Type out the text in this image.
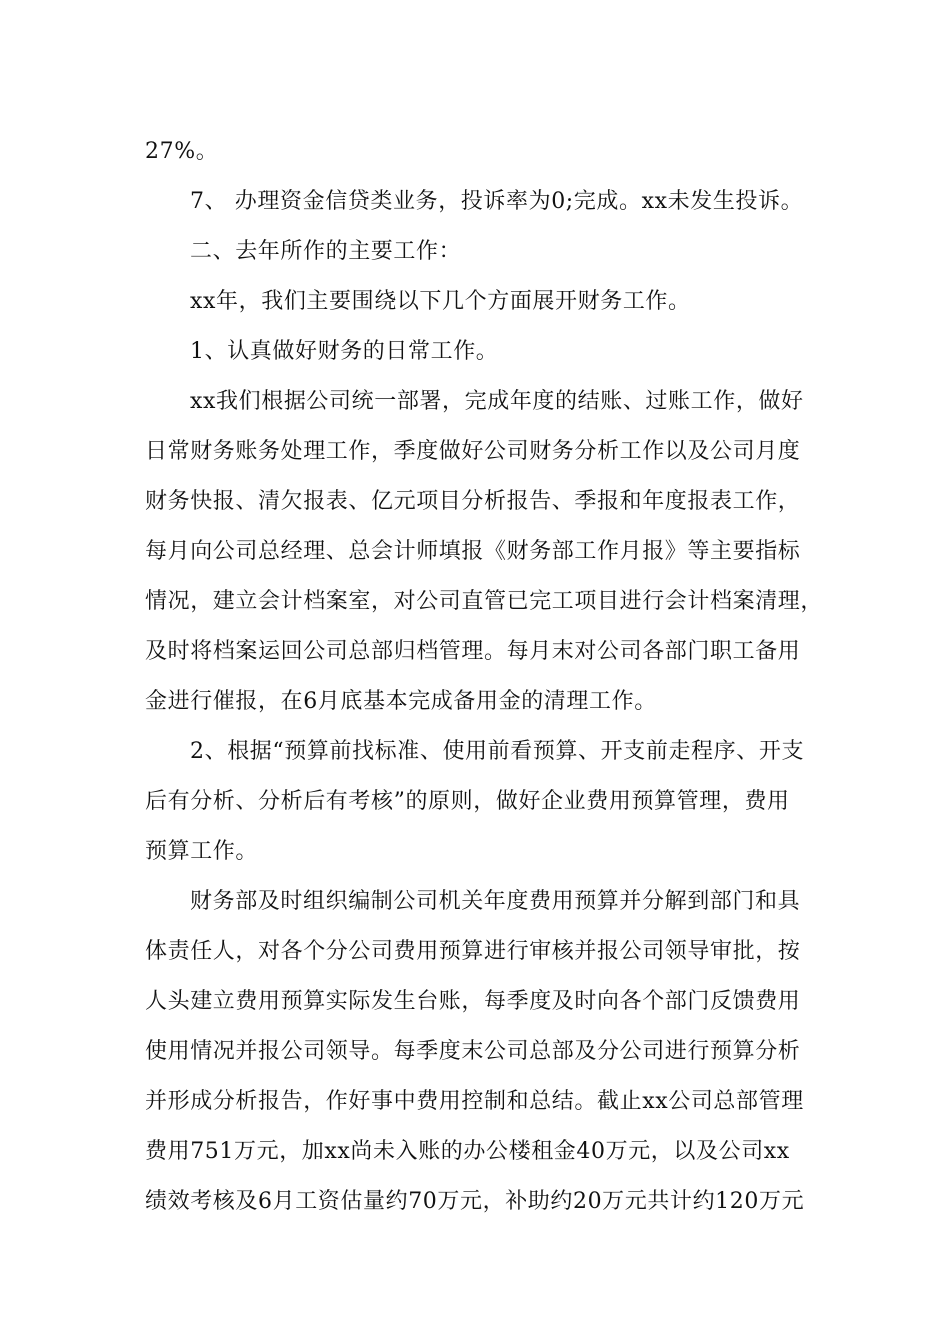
27%。
7、 办理资金信贷类业务，投诉率为0;完成。xx未发生投诉。
二、去年所作的主要工作：
xx年，我们主要围绕以下几个方面展开财务工作。
1、认真做好财务的日常工作。
xx我们根据公司统一部署，完成年度的结账、过账工作，做好
日常财务账务处理工作，季度做好公司财务分析工作以及公司月度
财务快报、清欠报表、亿元项目分析报告、季报和年度报表工作，
每月向公司总经理、总会计师填报《财务部工作月报》等主要指标
情况，建立会计档案室，对公司直管已完工项目进行会计档案清理，
及时将档案运回公司总部归档管理。每月末对公司各部门职工备用
金进行催报，在6月底基本完成备用金的清理工作。
2、根据“预算前找标准、使用前看预算、开支前走程序、开支
后有分析、分析后有考核”的原则，做好企业费用预算管理，费用
预算工作。
财务部及时组织编制公司机关年度费用预算并分解到部门和具
体责任人，对各个分公司费用预算进行审核并报公司领导审批，按
人头建立费用预算实际发生台账，每季度及时向各个部门反馈费用
使用情况并报公司领导。每季度末公司总部及分公司进行预算分析
并形成分析报告，作好事中费用控制和总结。截止xx公司总部管理
费用751万元，加xx尚未入账的办公楼租金40万元，以及公司xx
绩效考核及6月工资估量约70万元，补助约20万元共计约120万元
